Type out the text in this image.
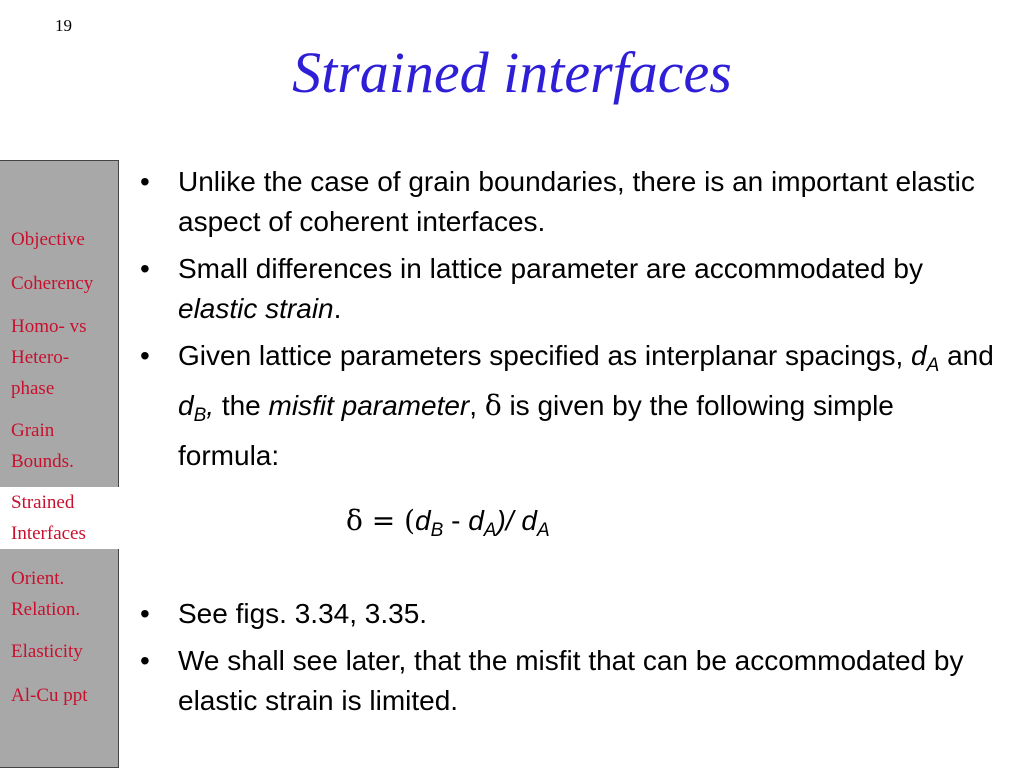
19
Strained interfaces
Objective
Coherency
Homo- vs
Hetero-
phase
Grain
Bounds.
Strained
Interfaces
Orient.
Relation.
Elasticity
Al-Cu ppt
• Unlike the case of grain boundaries, there is an important elastic aspect of coherent interfaces.
• Small differences in lattice parameter are accommodated by elastic strain.
• Given lattice parameters specified as interplanar spacings, $d_A$ and $d_B$, the misfit parameter, δ is given by the following simple formula:
$\delta = (d_B - d_A)/$ $d_A$
• See figs. 3.34, 3.35.
• We shall see later, that the misfit that can be accommodated by elastic strain is limited.
